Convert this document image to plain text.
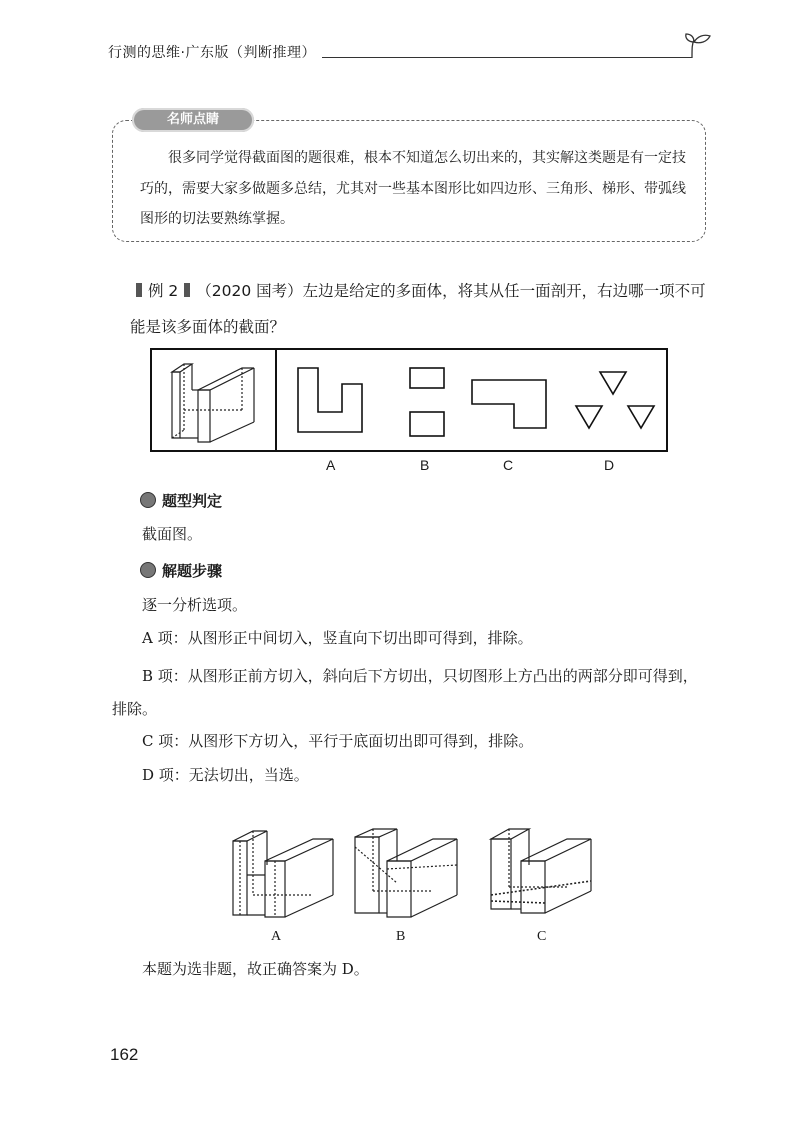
行测的思维·广东版（判断推理）
名师点睛
很多同学觉得截面图的题很难，根本不知道怎么切出来的，其实解这类题是有一定技巧的，需要大家多做题多总结，尤其对一些基本图形比如四边形、三角形、梯形、带弧线图形的切法要熟练掌握。
例 2 （2020 国考）左边是给定的多面体，将其从任一面剖开，右边哪一项不可能是该多面体的截面？
A	B	C	D
题型判定
截面图。
解题步骤
逐一分析选项。
A 项：从图形正中间切入，竖直向下切出即可得到，排除。
B 项：从图形正前方切入，斜向后下方切出，只切图形上方凸出的两部分即可得到，排除。
C 项：从图形下方切入，平行于底面切出即可得到，排除。
D 项：无法切出，当选。
A	B	C
本题为选非题，故正确答案为 D。
162
